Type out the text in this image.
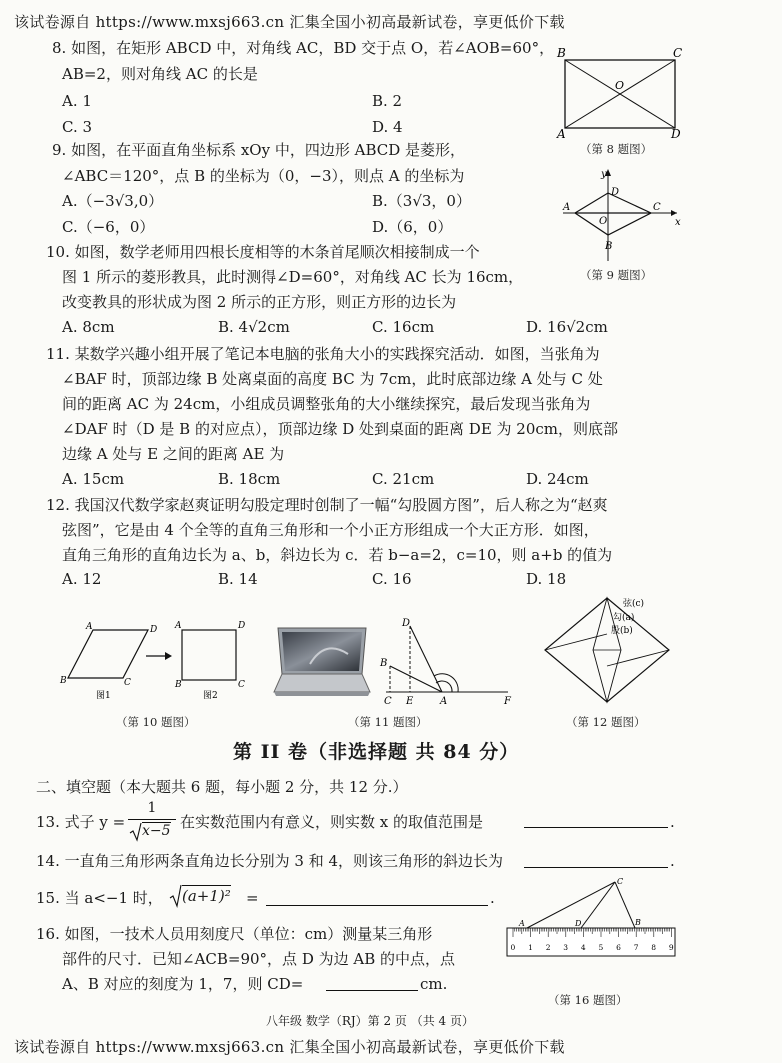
该试卷源自 https://www.mxsj663.cn 汇集全国小初高最新试卷，享更低价下载
8. 如图，在矩形 ABCD 中，对角线 AC，BD 交于点 O，若∠AOB=60°，
AB=2，则对角线 AC 的长是
A. 1	B. 2
C. 3	D. 4
B	C
O
A	D
（第 8 题图）
9. 如图，在平面直角坐标系 xOy 中，四边形 ABCD 是菱形，
∠ABC＝120°，点 B 的坐标为（0，−3），则点 A 的坐标为
A.（−3√3,0）	B.（3√3，0）
C.（−6，0）	D.（6，0）
y
A
O
C
x
D
B
（第 9 题图）
10. 如图，数学老师用四根长度相等的木条首尾顺次相接制成一个
图 1 所示的菱形教具，此时测得∠D=60°，对角线 AC 长为 16cm，
改变教具的形状成为图 2 所示的正方形，则正方形的边长为
A. 8cm	B. 4√2cm	C. 16cm	D. 16√2cm
11. 某数学兴趣小组开展了笔记本电脑的张角大小的实践探究活动．如图，当张角为
∠BAF 时，顶部边缘 B 处离桌面的高度 BC 为 7cm，此时底部边缘 A 处与 C 处
间的距离 AC 为 24cm，小组成员调整张角的大小继续探究，最后发现当张角为
∠DAF 时（D 是 B 的对应点），顶部边缘 D 处到桌面的距离 DE 为 20cm，则底部
边缘 A 处与 E 之间的距离 AE 为
A. 15cm	B. 18cm	C. 21cm	D. 24cm
12. 我国汉代数学家赵爽证明勾股定理时创制了一幅“勾股圆方图”，后人称之为“赵爽
弦图”，它是由 4 个全等的直角三角形和一个小正方形组成一个大正方形．如图，
直角三角形的直角边长为 a、b，斜边长为 c．若 b−a=2，c=10，则 a+b 的值为
A. 12	B. 14	C. 16	D. 18
A	D
B	C
图1
A	D
B	C
图2
（第 10 题图）
D
B
C E	A	F
（第 11 题图）
弦(c)
勾(a)
股(b)
（第 12 题图）
第 II 卷（非选择题 共 84 分）
二、填空题（本大题共 6 题，每小题 2 分，共 12 分.）
13. 式子 y =
1
x−5 在实数范围内有意义，则实数 x 的取值范围是	.
14. 一直角三角形两条直角边长分别为 3 和 4，则该三角形的斜边长为	.
15. 当 a<−1 时， (a+1)² =	.
16. 如图，一技术人员用刻度尺（单位：cm）测量某三角形
部件的尺寸．已知∠ACB=90°，点 D 为边 AB 的中点，点
A、B 对应的刻度为 1，7，则 CD=	cm.
0 1 2 3 4 5 6 7 8 9
C
A	D	B
（第 16 题图）
八年级 数学（RJ）第 2 页 （共 4 页）
该试卷源自 https://www.mxsj663.cn 汇集全国小初高最新试卷，享更低价下载
